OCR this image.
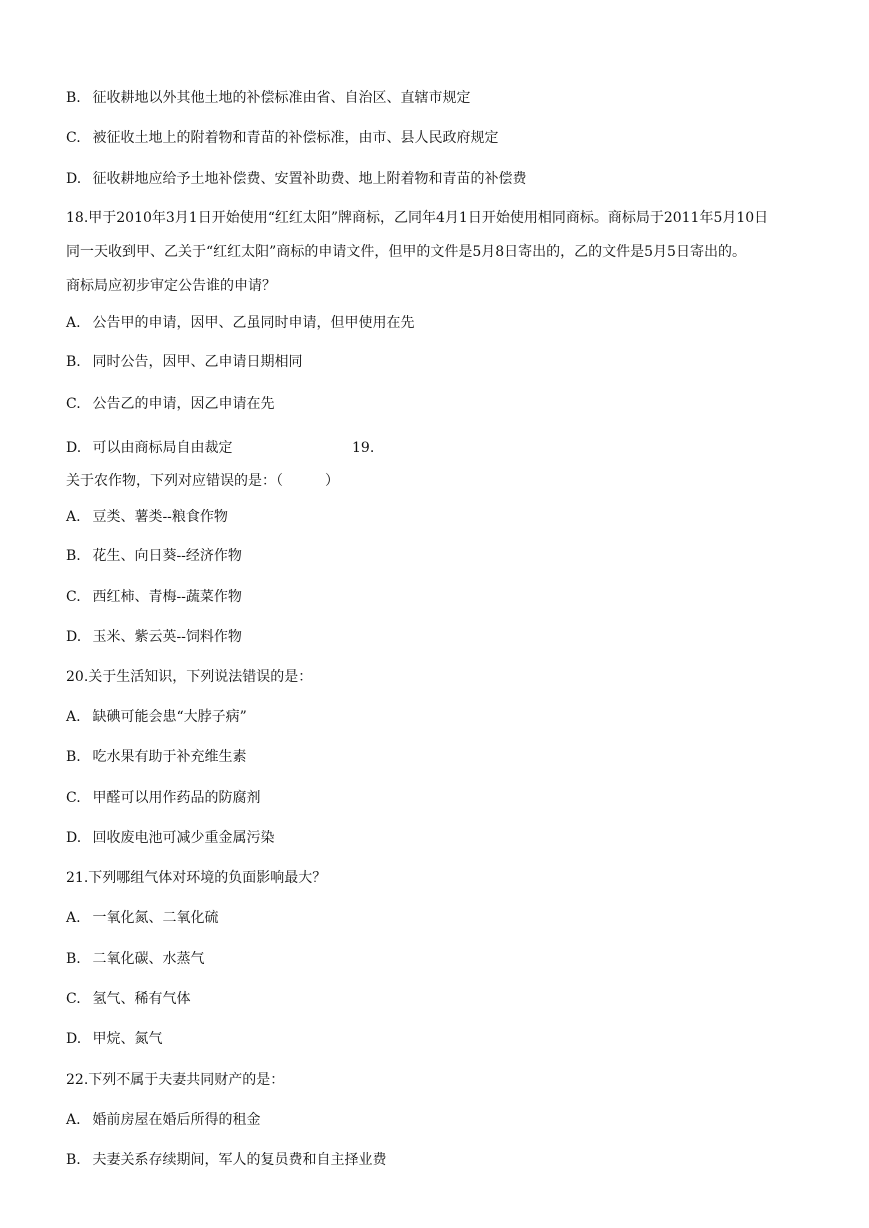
B. 征收耕地以外其他土地的补偿标准由省、自治区、直辖市规定
C. 被征收土地上的附着物和青苗的补偿标准，由市、县人民政府规定
D. 征收耕地应给予土地补偿费、安置补助费、地上附着物和青苗的补偿费
18.甲于2010年3月1日开始使用“红红太阳”牌商标，乙同年4月1日开始使用相同商标。商标局于2011年5月10日
同一天收到甲、乙关于“红红太阳”商标的申请文件，但甲的文件是5月8日寄出的，乙的文件是5月5日寄出的。
商标局应初步审定公告谁的申请？
A. 公告甲的申请，因甲、乙虽同时申请，但甲使用在先
B. 同时公告，因甲、乙申请日期相同
C. 公告乙的申请，因乙申请在先
D. 可以由商标局自由裁定	19.
关于农作物，下列对应错误的是：（　　　）
A. 豆类、薯类--粮食作物
B. 花生、向日葵--经济作物
C. 西红柿、青梅--蔬菜作物
D. 玉米、紫云英--饲料作物
20.关于生活知识，下列说法错误的是：
A. 缺碘可能会患“大脖子病”
B. 吃水果有助于补充维生素
C. 甲醛可以用作药品的防腐剂
D. 回收废电池可减少重金属污染
21.下列哪组气体对环境的负面影响最大？
A. 一氧化氮、二氧化硫
B. 二氧化碳、水蒸气
C. 氢气、稀有气体
D. 甲烷、氮气
22.下列不属于夫妻共同财产的是：
A. 婚前房屋在婚后所得的租金
B. 夫妻关系存续期间，军人的复员费和自主择业费
